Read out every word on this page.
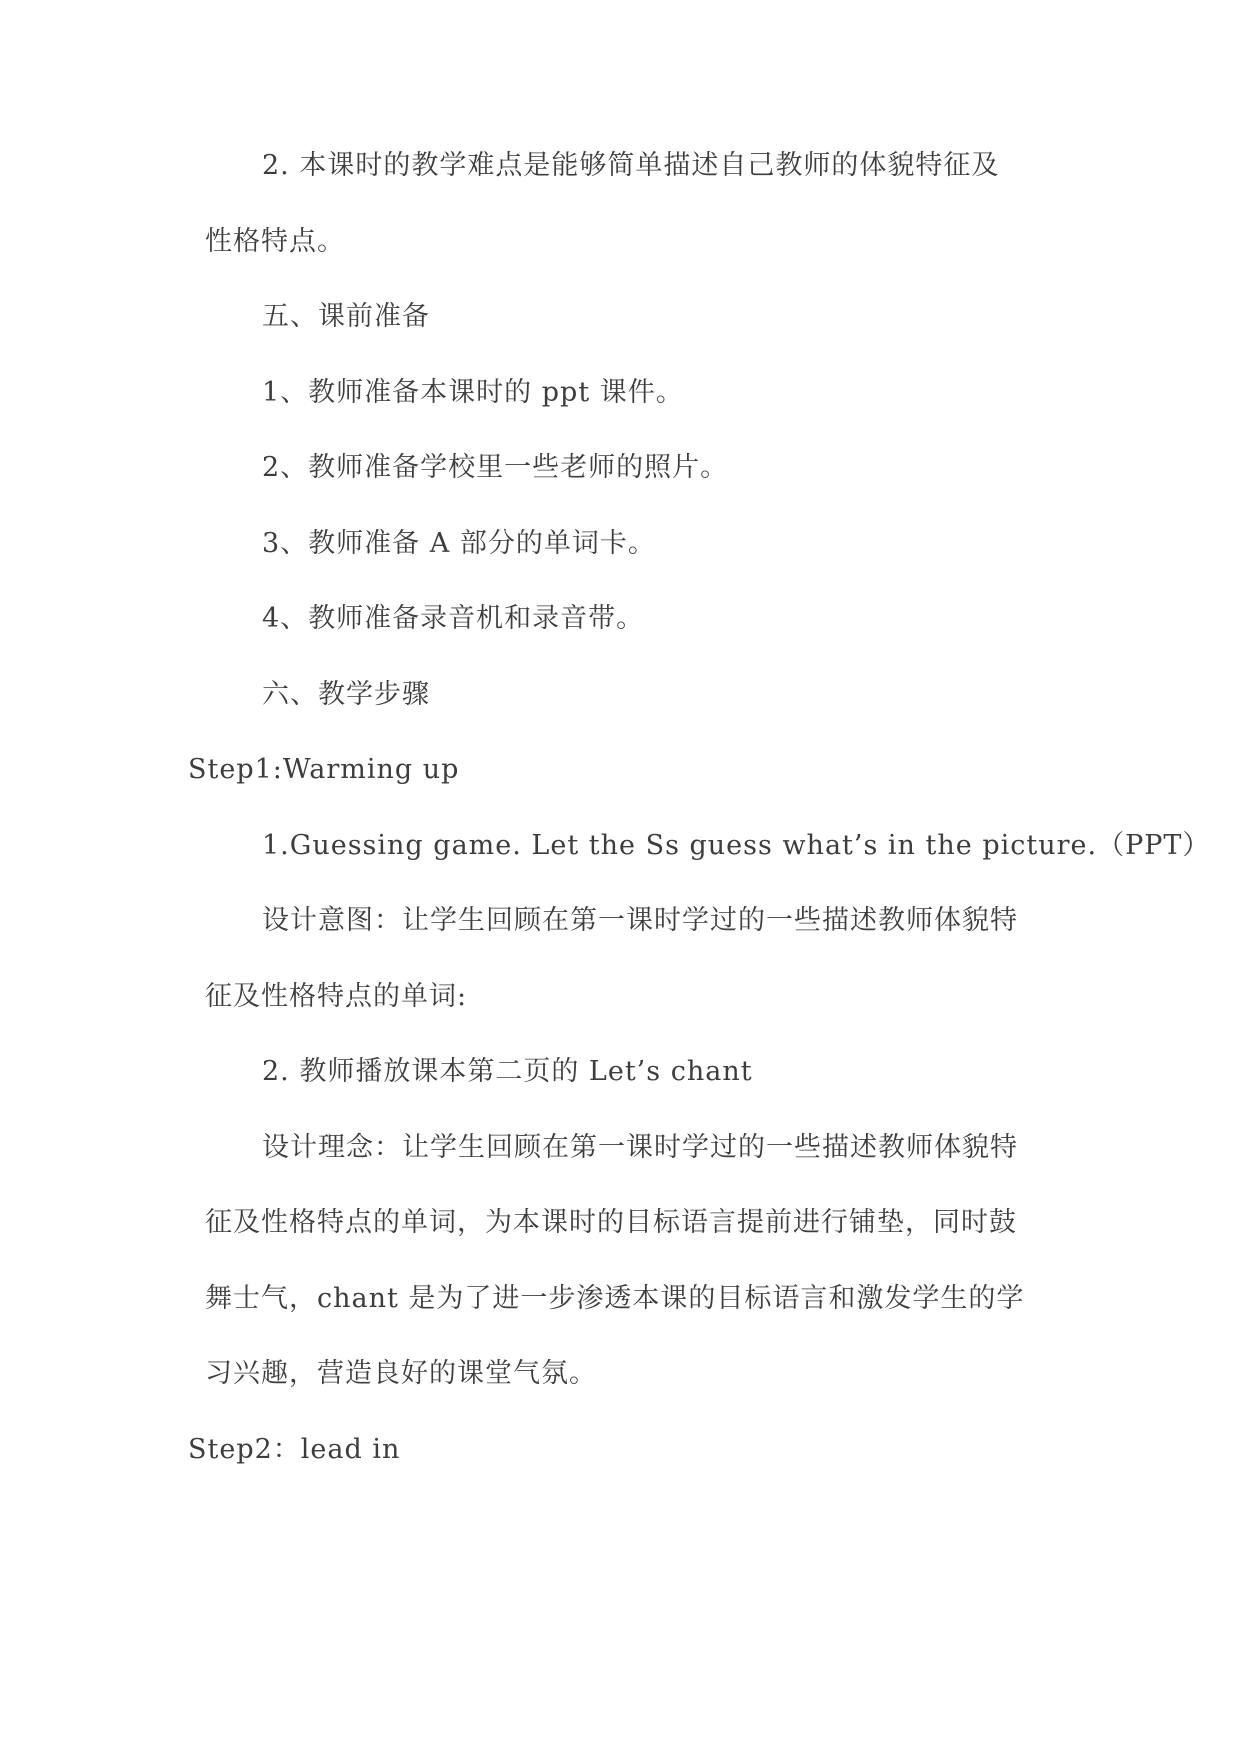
2. 本课时的教学难点是能够简单描述自己教师的体貌特征及
性格特点。
五、课前准备
1、教师准备本课时的 ppt 课件。
2、教师准备学校里一些老师的照片。
3、教师准备 A 部分的单词卡。
4、教师准备录音机和录音带。
六、教学步骤
Step1:Warming up
1.Guessing game. Let the Ss guess what’s in the picture.（PPT）
设计意图：让学生回顾在第一课时学过的一些描述教师体貌特
征及性格特点的单词:
2. 教师播放课本第二页的 Let’s chant
设计理念：让学生回顾在第一课时学过的一些描述教师体貌特
征及性格特点的单词，为本课时的目标语言提前进行铺垫，同时鼓
舞士气，chant 是为了进一步渗透本课的目标语言和激发学生的学
习兴趣，营造良好的课堂气氛。
Step2：lead in
